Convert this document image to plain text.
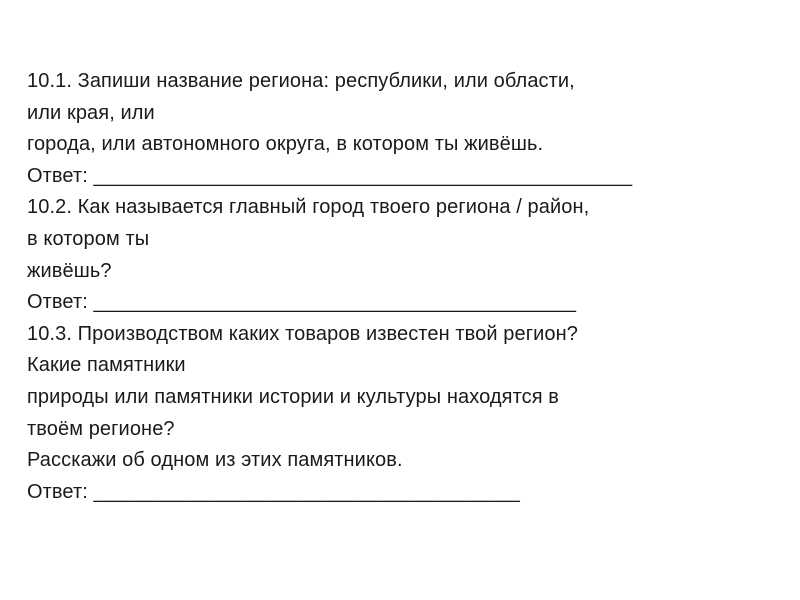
10.1. Запиши название региона: республики, или области,
или края, или
города, или автономного округа, в котором ты живёшь.
Ответ: ________________________________________________
10.2. Как называется главный город твоего региона / район,
в котором ты
живёшь?
Ответ: ___________________________________________
10.3. Производством каких товаров известен твой регион?
Какие памятники
природы или памятники истории и культуры находятся в
твоём регионе?
Расскажи об одном из этих памятников.
Ответ: ______________________________________
